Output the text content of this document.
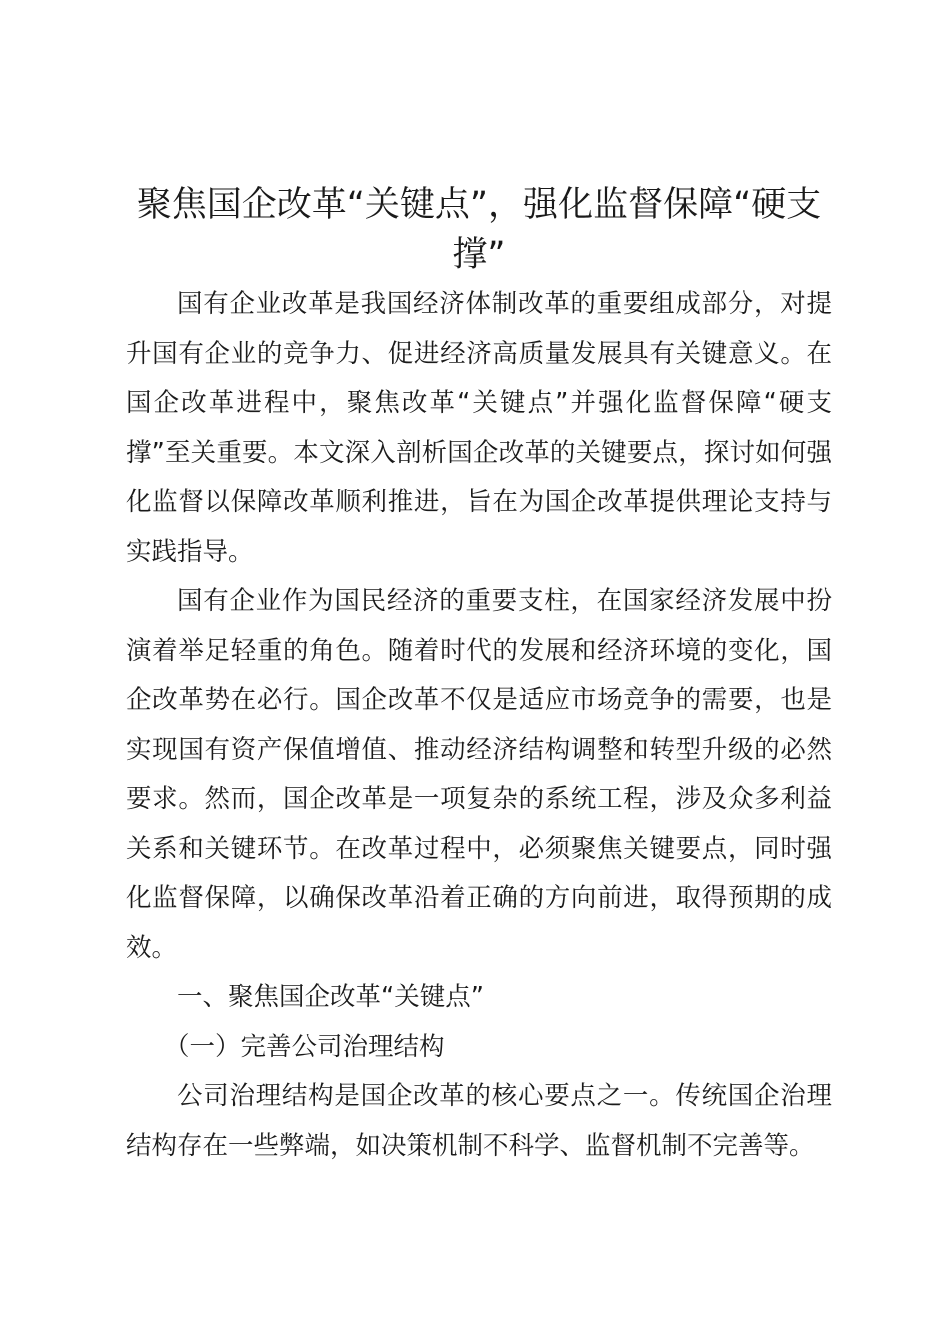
聚焦国企改革“关键点”，强化监督保障“硬支撑”

国有企业改革是我国经济体制改革的重要组成部分，对提升国有企业的竞争力、促进经济高质量发展具有关键意义。在国企改革进程中，聚焦改革“关键点”并强化监督保障“硬支撑”至关重要。本文深入剖析国企改革的关键要点，探讨如何强化监督以保障改革顺利推进，旨在为国企改革提供理论支持与实践指导。

国有企业作为国民经济的重要支柱，在国家经济发展中扮演着举足轻重的角色。随着时代的发展和经济环境的变化，国企改革势在必行。国企改革不仅是适应市场竞争的需要，也是实现国有资产保值增值、推动经济结构调整和转型升级的必然要求。然而，国企改革是一项复杂的系统工程，涉及众多利益关系和关键环节。在改革过程中，必须聚焦关键要点，同时强化监督保障，以确保改革沿着正确的方向前进，取得预期的成效。

一、聚焦国企改革“关键点”

（一）完善公司治理结构

公司治理结构是国企改革的核心要点之一。传统国企治理结构存在一些弊端，如决策机制不科学、监督机制不完善等。
